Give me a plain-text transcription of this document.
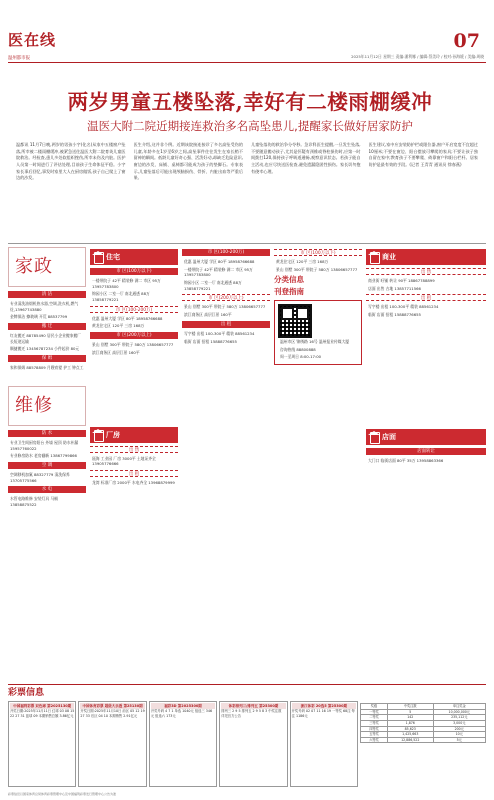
医在线
温州都市报
07
2025年11月12日 星期三 责编:潘利娜 / 编辑:蔡美玲 / 校对:孙海媛 / 美编:周晓
两岁男童五楼坠落,幸好有二楼雨棚缓冲
温医大附二院近期接连救治多名高坠患儿,提醒家长做好居家防护

温都讯 11月7日晚,两岁的男孩小宇(化名)从家中五楼窗户坠落,所幸被二楼雨棚缓冲,被紧急送往温医大附二院育英儿童医院救治。经检查,患儿多处软组织挫伤,所幸未伤及内脏。医护人员第一时间进行了评估处理,目前孩子生命体征平稳。小宇家长事后回忆,事发时家里大人在厨房做饭,孩子自己爬上了窗边的沙发。

医生介绍,这并非个例。近期该院接连接诊了多名高坠受伤的儿童,年龄多在1岁至6岁之间,高坠事件往往发生在家长稍不留神的瞬间。低龄儿童好奇心强、活泼好动,却缺乏危险意识,窗边的沙发、床铺、桌椅都可能成为孩子的垫脚石。专家表示,儿童坠落后可能出现颅脑损伤、骨折、内脏出血等严重后果。

儿童坠落伤的救治争分夺秒。急诊科医生提醒,一旦发生坠落,不要随意搬动孩子,尤其是怀疑有颈椎或脊柱损伤时,应第一时间拨打120,保持孩子呼吸道通畅,观察意识状态。若孩子能自主活动,也应尽快送医检查,避免遗漏隐匿性损伤。家长切勿抱有侥幸心理。

医生建议,家中应安装防护栏或限位器,窗户开启宽度不宜超过10厘米;不要在窗边、阳台摆放可攀爬的家具;不要让孩子独自留在家中;教育孩子不要攀爬、倚靠窗户和阳台栏杆。居家防护是最有效的手段。(记者 王青青 通讯员 徐春燕)

家政
清 洁
专业清洗油烟机热水器,空调,洗衣机,燃气灶,13967743880
金牌保洁 擦玻璃 开荒 88537799
搬 迁
红友搬迁 88785490 居民小企业搬家搬厂 长短途运输
顺捷搬迁 13456787234 小件起价 80元
保 姆
家和保姆 88578809 月嫂育婴 护工 钟点工
维修
防 水
专业卫生间厨房阳台 外墙 屋顶 防水补漏 15957760022
专业修房防水 老房翻新 13867799866
空 调
空调移机加氟 88327779 清洗保养 13705775566
水 电
水管电路维修 安装灯具 马桶 13858875522
住宅
市 区(100万以下)
一楼带院子 42平 精装修 满二 市区 95万 13957783800
锦园小区 二室一厅 南北通透 88万 13858779221
市 区(100-200万)
优惠 温州大厦 学区 80平 18958766688
黄龙住宅区 120平 三房 168万
市 区(200万以上)
景山 别墅 300平 带院子 580万 13806657777
滨江商务区 高层江景 160平
厂房
出 售
瓯海 工业园 厂房 3000平 土地证齐全 13905776666
出 租
龙湾 标准厂房 2000平 水电齐全 13968879999
市 区(100-200万)
优惠 温州大厦 学区 80平 18958766688
一楼带院子 42平 精装修 满二 市区 95万 13957783800
锦园小区 二室一厅 南北通透 88万 13858779221
市 区(200万以上)
景山 别墅 300平 带院子 580万 13806657777
滨江商务区 高层江景 160平
出 租
写字楼 出租 100-300平 精装 88561234
临街 店面 招租 15888776655
市 区(100万以下)
黄龙住宅区 120平 三房 168万
景山 别墅 300平 带院子 580万 13806657777
分类信息
刊登指南
温州市区 锦绣路 16号 温州报业传媒大厦
咨询热线 88800888
周一至周日 8:00-17:00
商业
出 售
商业街 旺铺 转让 90平 18867788899
店面 出售 吉地 13857711566
出 租
写字楼 出租 100-300平 精装 88561234
临街 店面 招租 15888776655
店面
店面转让
大门口 临街店面 80平 35万 13958863366
彩票信息
中国福利彩票 双色球 第2025130期
开奖日期:2025年11月11日 红球 03 08 15 22 27 31 蓝球 09 本期销售总额 3.86亿元
中国体育彩票 超级大乐透 第25130期
开奖日期:2025年11月10日 前区 05 12 19 27 33 后区 04 10 本期销售 2.91亿元
福彩3D 第2025300期
开奖号码 4 7 1 单选 1040元 组选三 346元 组选六 173元
体彩排列三/排列五 第25300期
排列三 2 9 5 排列五 2 9 5 8 3 中奖注数 详见官方公告
浙江体彩 20选5 第25300期
开奖号码 02 07 11 16 19 一等奖 68注 每注 1186元
奖级	中奖注数	单注奖金
一等奖	5	10,000,000元
二等奖	142	235,112元
三等奖	1,876	3,000元
四等奖	85,623	200元
五等奖	1,425,663	10元
六等奖	12,886,522	5元
彩票信息以国家体育总局体育彩票管理中心及中国福利彩票发行管理中心公告为准
